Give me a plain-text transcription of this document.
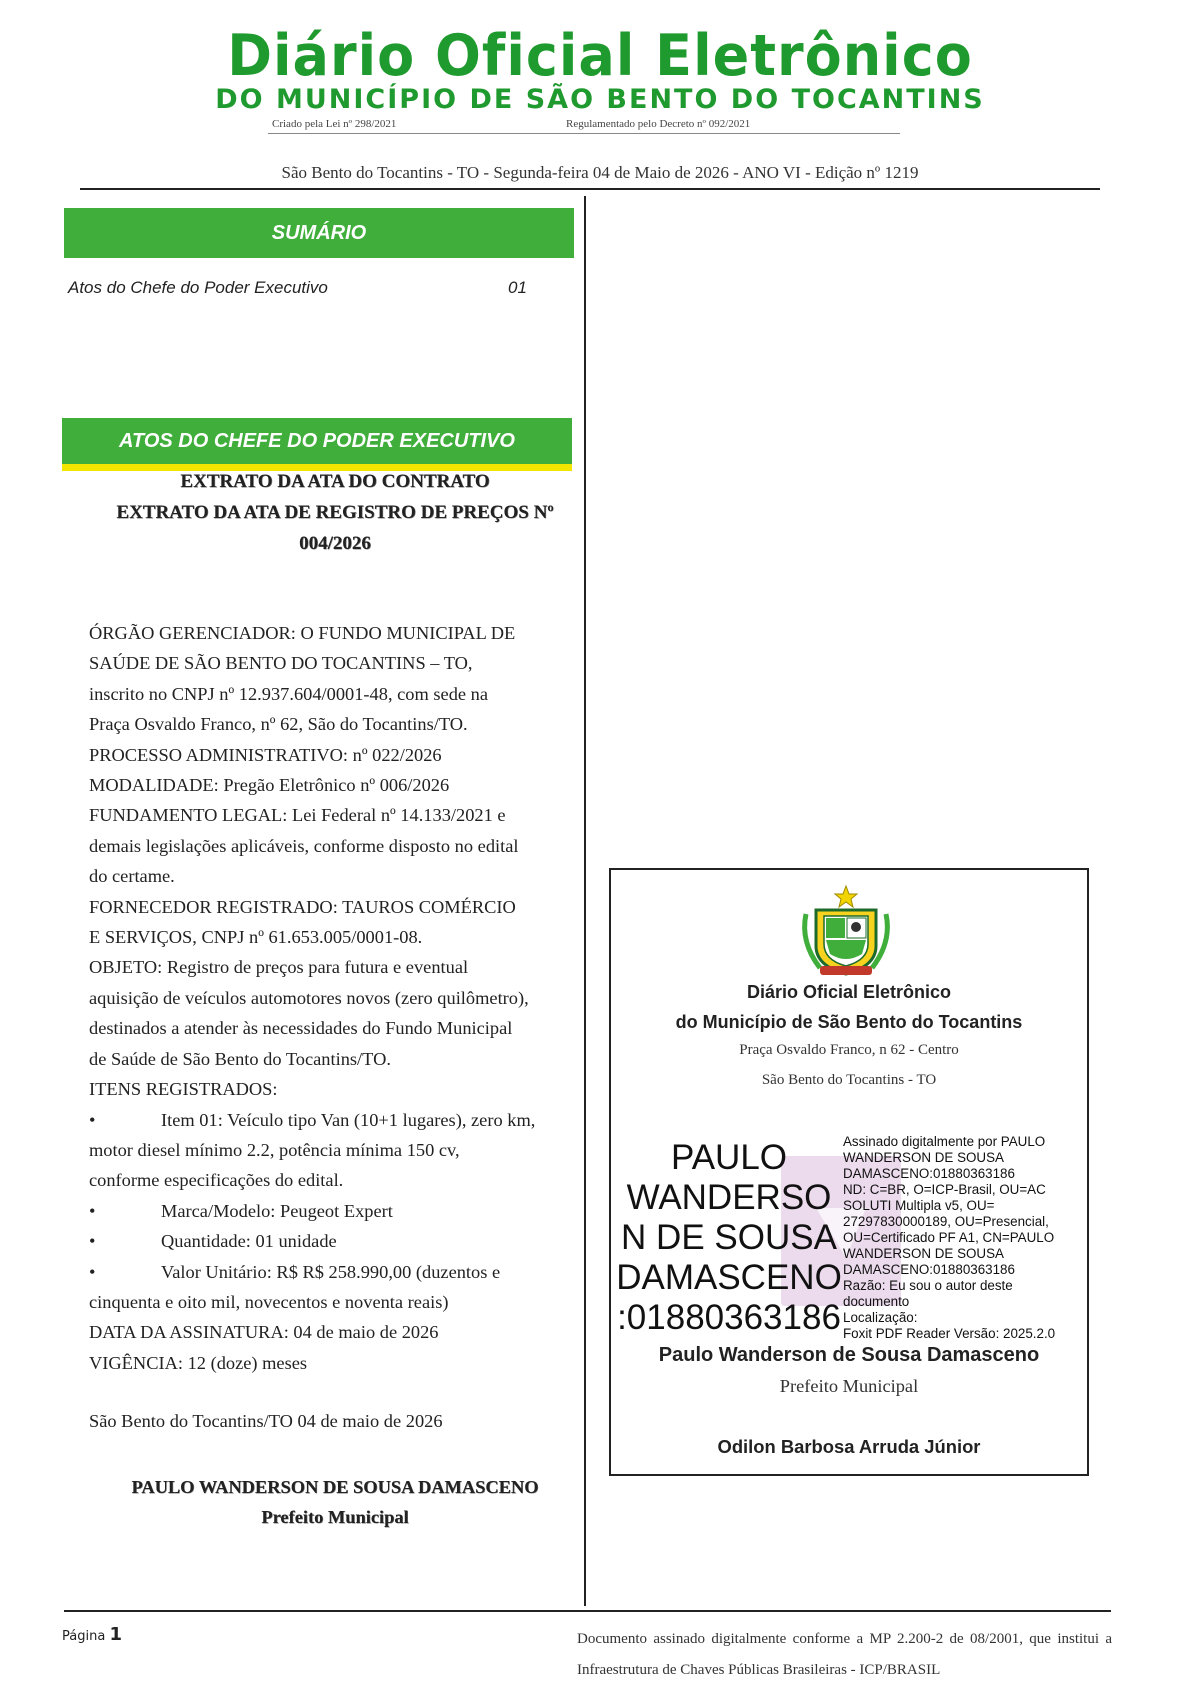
Diário Oficial Eletrônico
DO MUNICÍPIO DE SÃO BENTO DO TOCANTINS
Criado pela Lei nº 298/2021	Regulamentado pelo Decreto nº 092/2021
São Bento do Tocantins - TO - Segunda-feira 04 de Maio de 2026 - ANO VI - Edição nº 1219
SUMÁRIO
Atos do Chefe do Poder Executivo	01
ATOS DO CHEFE DO PODER EXECUTIVO
EXTRATO DA ATA DO CONTRATO
EXTRATO DA ATA DE REGISTRO DE PREÇOS Nº
004/2026

ÓRGÃO GERENCIADOR: O FUNDO MUNICIPAL DE

SAÚDE DE SÃO BENTO DO TOCANTINS – TO,

inscrito no CNPJ nº 12.937.604/0001-48, com sede na

Praça Osvaldo Franco, nº 62, São do Tocantins/TO.

PROCESSO ADMINISTRATIVO: nº 022/2026

MODALIDADE: Pregão Eletrônico nº 006/2026

FUNDAMENTO LEGAL: Lei Federal nº 14.133/2021 e

demais legislações aplicáveis, conforme disposto no edital

do certame.

FORNECEDOR REGISTRADO: TAUROS COMÉRCIO

E SERVIÇOS, CNPJ nº 61.653.005/0001-08.

OBJETO: Registro de preços para futura e eventual

aquisição de veículos automotores novos (zero quilômetro),

destinados a atender às necessidades do Fundo Municipal

de Saúde de São Bento do Tocantins/TO.

ITENS REGISTRADOS:

•	Item 01: Veículo tipo Van (10+1 lugares), zero km,

motor diesel mínimo 2.2, potência mínima 150 cv,

conforme especificações do edital.

•	Marca/Modelo: Peugeot Expert

•	Quantidade: 01 unidade

•	Valor Unitário: R$ R$ 258.990,00 (duzentos e

cinquenta e oito mil, novecentos e noventa reais)

DATA DA ASSINATURA: 04 de maio de 2026

VIGÊNCIA: 12 (doze) meses

São Bento do Tocantins/TO 04 de maio de 2026
PAULO WANDERSON DE SOUSA DAMASCENO
Prefeito Municipal
Diário Oficial Eletrônico
do Município de São Bento do Tocantins
Praça Osvaldo Franco, n 62 - Centro
São Bento do Tocantins - TO
PAULO
WANDERSO
N DE SOUSA
DAMASCENO
:01880363186

Assinado digitalmente por PAULO

WANDERSON DE SOUSA

DAMASCENO:01880363186

ND: C=BR, O=ICP-Brasil, OU=AC

SOLUTI Multipla v5, OU=

27297830000189, OU=Presencial,

OU=Certificado PF A1, CN=PAULO

WANDERSON DE SOUSA

DAMASCENO:01880363186

Razão: Eu sou o autor deste

documento

Localização:

Foxit PDF Reader Versão: 2025.2.0

Paulo Wanderson de Sousa Damasceno
Prefeito Municipal
Odilon Barbosa Arruda Júnior
Página 1	Documento assinado digitalmente conforme a MP 2.200-2 de 08/2001, que institui a Infraestrutura de Chaves Públicas Brasileiras - ICP/BRASIL
